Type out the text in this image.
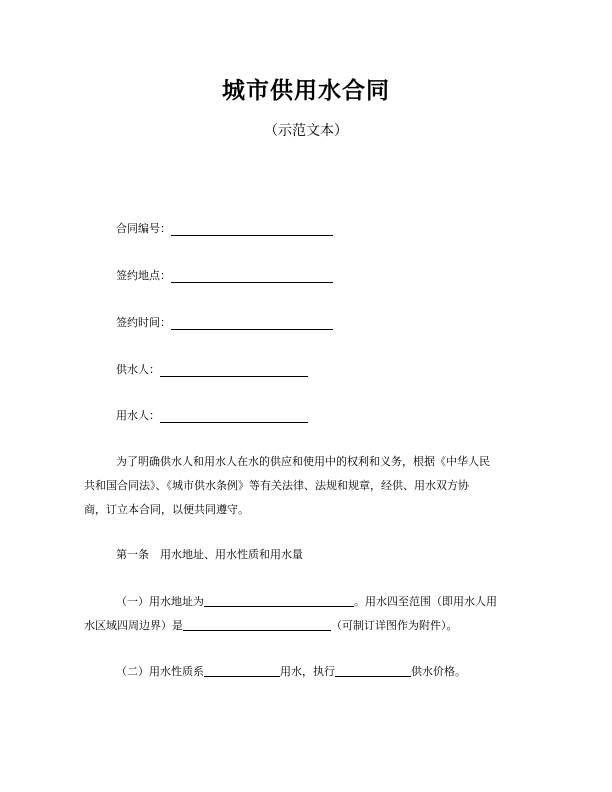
城市供用水合同
（示范文本）
合同编号：
签约地点：
签约时间：
供水人：
用水人：
为了明确供水人和用水人在水的供应和使用中的权利和义务，根据《中华人民
共和国合同法》、《城市供水条例》等有关法律、法规和规章，经供、用水双方协
商，订立本合同，以便共同遵守。
第一条　用水地址、用水性质和用水量
（一）用水地址为	。用水四至范围（即用水人用
水区域四周边界）是	（可制订详图作为附件）。
（二）用水性质系	用水，执行	供水价格。
